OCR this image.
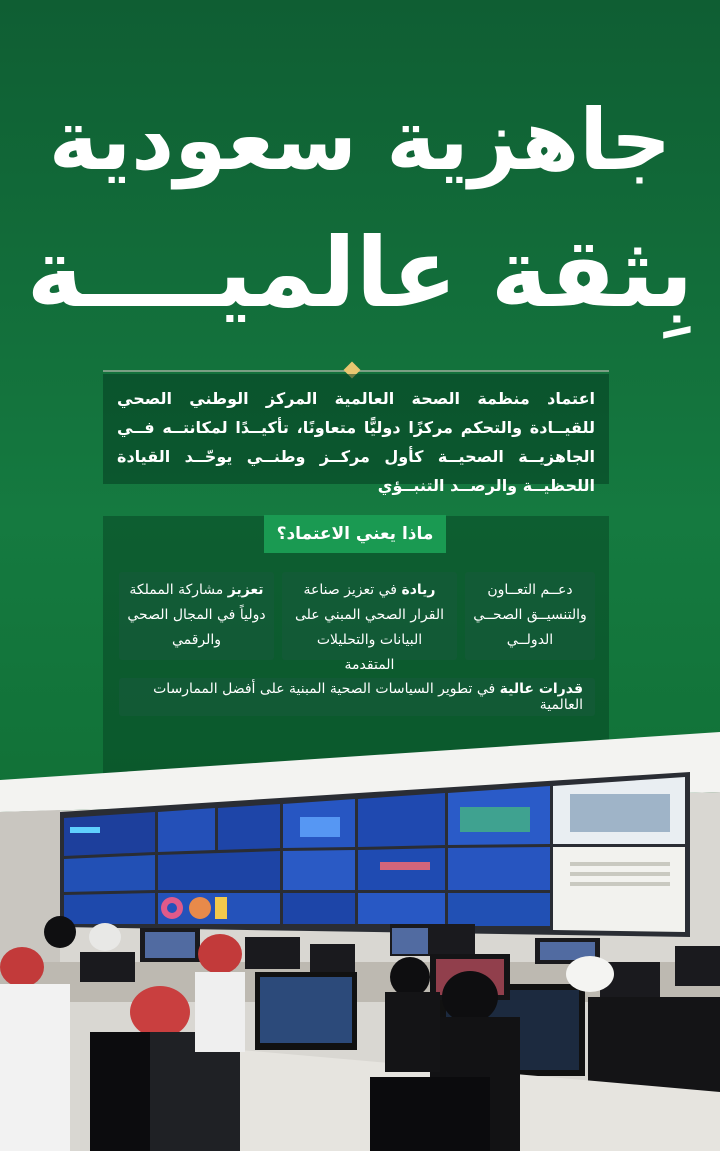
جاهزية سعودية
بِثقة عالميــــة

اعتماد منظمة الصحة العالمية المركز الوطني الصحي للقيــادة والتحكم مركزًا دوليًّا متعاونًا، تأكيــدًا لمكانتــه فــي الجاهزيــة الصحيــة كأول مركــز وطنــي يوحّــد القيادة اللحظيــة والرصــد التنبــؤي

ماذا يعني الاعتماد؟
دعــم التعــاون والتنسيــق الصحــي الدولــي
ريادة في تعزيز صناعة القرار الصحي المبني على البيانات والتحليلات المتقدمة
تعزيز مشاركة المملكة دولياً في المجال الصحي والرقمي
قدرات عالية في تطوير السياسات الصحية المبنية على أفضل الممارسات العالمية
